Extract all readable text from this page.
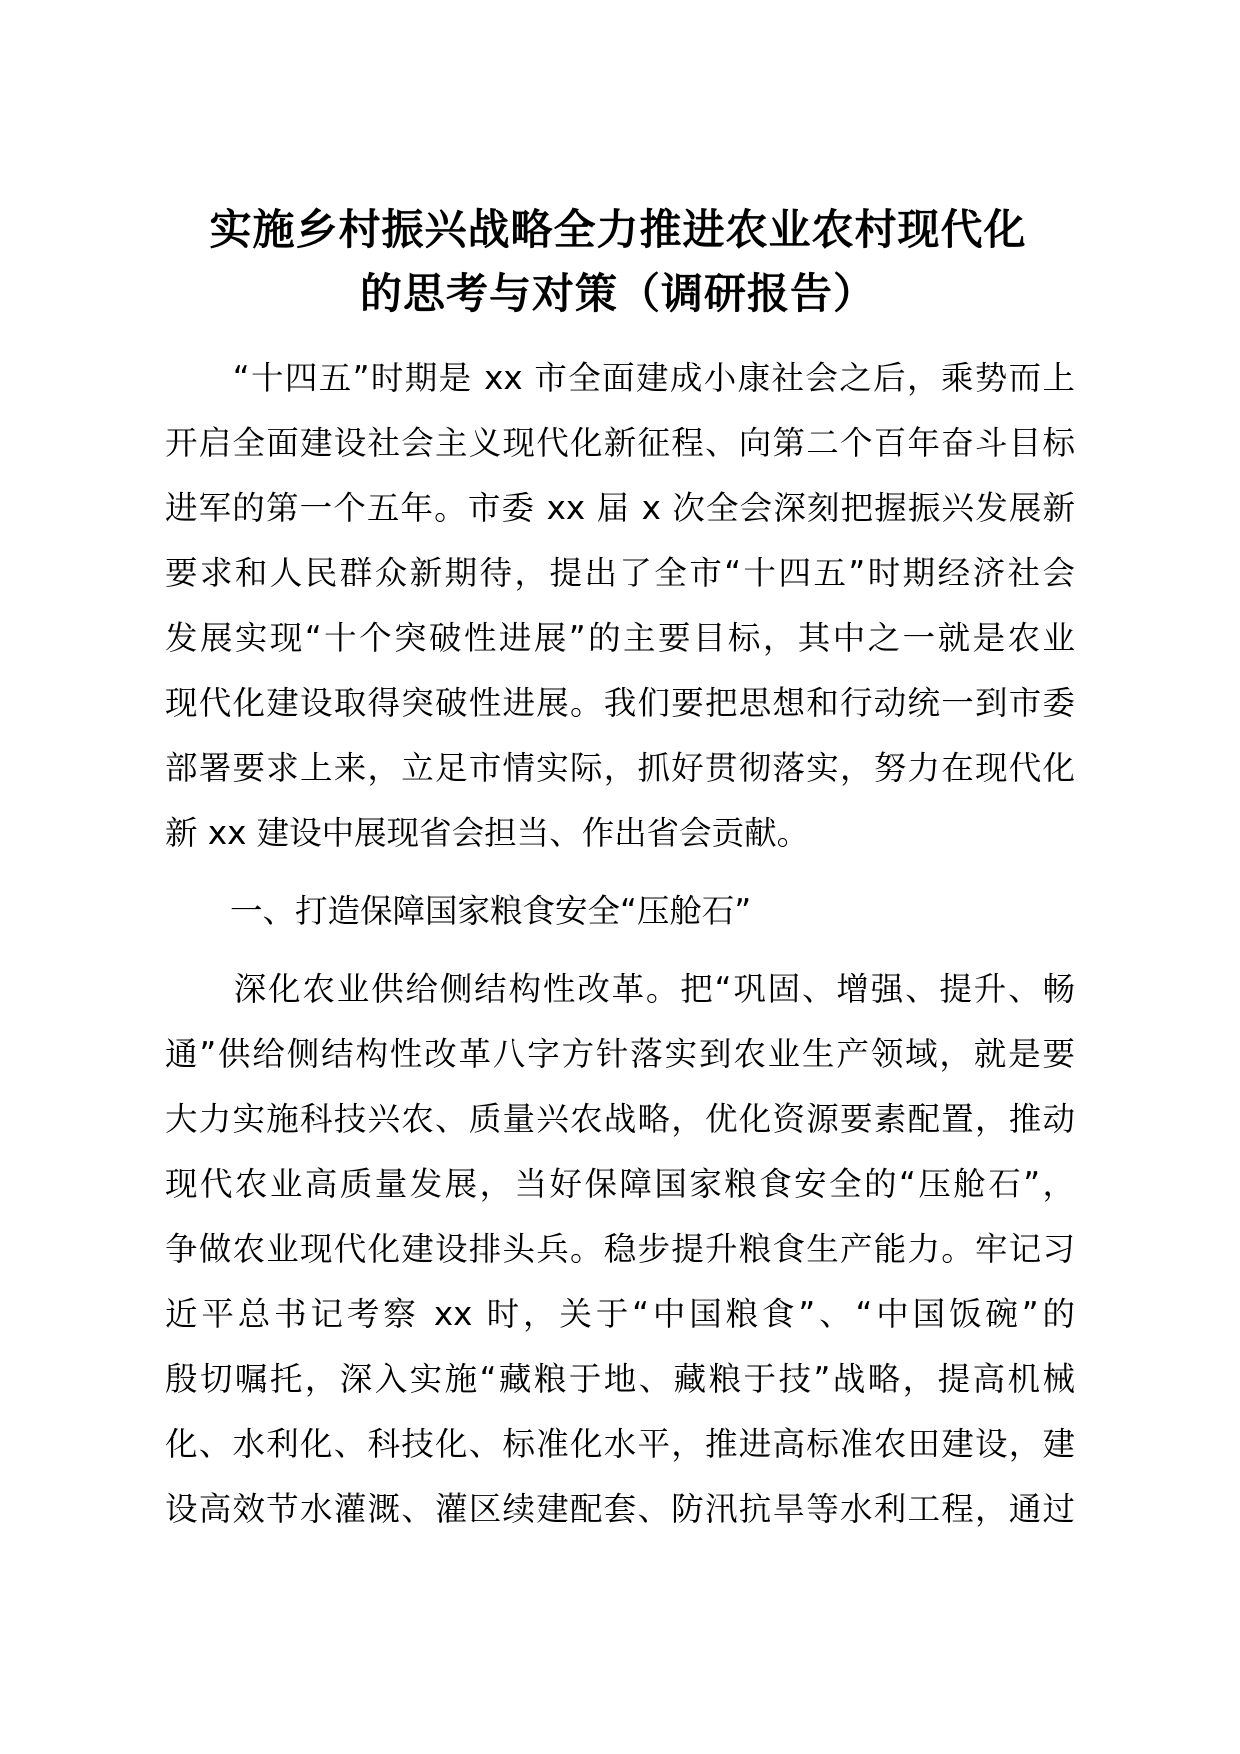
实施乡村振兴战略全力推进农业农村现代化
的思考与对策（调研报告）
　　“十四五”时期是 xx 市全面建成小康社会之后，乘势而上
开启全面建设社会主义现代化新征程、向第二个百年奋斗目标
进军的第一个五年。市委 xx 届 x 次全会深刻把握振兴发展新
要求和人民群众新期待，提出了全市“十四五”时期经济社会
发展实现“十个突破性进展”的主要目标，其中之一就是农业
现代化建设取得突破性进展。我们要把思想和行动统一到市委
部署要求上来，立足市情实际，抓好贯彻落实，努力在现代化
新 xx 建设中展现省会担当、作出省会贡献。
　　一、打造保障国家粮食安全“压舱石”
　　深化农业供给侧结构性改革。把“巩固、增强、提升、畅
通”供给侧结构性改革八字方针落实到农业生产领域，就是要
大力实施科技兴农、质量兴农战略，优化资源要素配置，推动
现代农业高质量发展，当好保障国家粮食安全的“压舱石”，
争做农业现代化建设排头兵。稳步提升粮食生产能力。牢记习
近平总书记考察 xx 时，关于“中国粮食”、“中国饭碗”的
殷切嘱托，深入实施“藏粮于地、藏粮于技”战略，提高机械
化、水利化、科技化、标准化水平，推进高标准农田建设，建
设高效节水灌溉、灌区续建配套、防汛抗旱等水利工程，通过
